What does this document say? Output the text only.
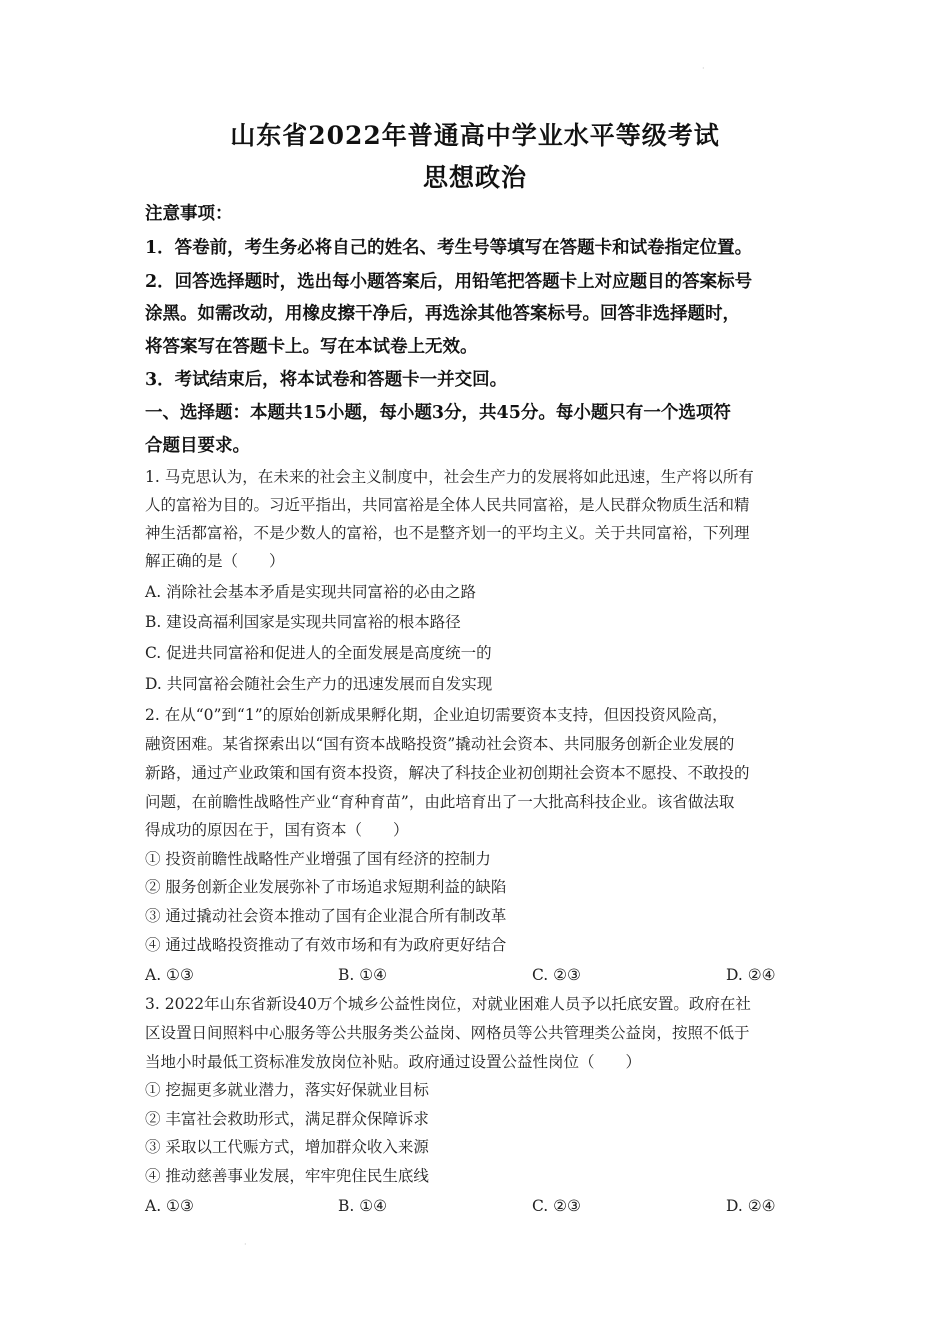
·
山东省2022年普通高中学业水平等级考试
思想政治
注意事项：
1．答卷前，考生务必将自己的姓名、考生号等填写在答题卡和试卷指定位置。
2．回答选择题时，选出每小题答案后，用铅笔把答题卡上对应题目的答案标号
涂黑。如需改动，用橡皮擦干净后，再选涂其他答案标号。回答非选择题时，
将答案写在答题卡上。写在本试卷上无效。
3．考试结束后，将本试卷和答题卡一并交回。
一、选择题：本题共15小题，每小题3分，共45分。每小题只有一个选项符
合题目要求。
1. 马克思认为，在未来的社会主义制度中，社会生产力的发展将如此迅速，生产将以所有
人的富裕为目的。习近平指出，共同富裕是全体人民共同富裕，是人民群众物质生活和精
神生活都富裕，不是少数人的富裕，也不是整齐划一的平均主义。关于共同富裕，下列理
解正确的是（　　）
A. 消除社会基本矛盾是实现共同富裕的必由之路
B. 建设高福利国家是实现共同富裕的根本路径
C. 促进共同富裕和促进人的全面发展是高度统一的
D. 共同富裕会随社会生产力的迅速发展而自发实现
2. 在从“0”到“1”的原始创新成果孵化期，企业迫切需要资本支持，但因投资风险高，
融资困难。某省探索出以“国有资本战略投资”撬动社会资本、共同服务创新企业发展的
新路，通过产业政策和国有资本投资，解决了科技企业初创期社会资本不愿投、不敢投的
问题，在前瞻性战略性产业“育种育苗”，由此培育出了一大批高科技企业。该省做法取
得成功的原因在于，国有资本（　　）
① 投资前瞻性战略性产业增强了国有经济的控制力
② 服务创新企业发展弥补了市场追求短期利益的缺陷
③ 通过撬动社会资本推动了国有企业混合所有制改革
④ 通过战略投资推动了有效市场和有为政府更好结合
A. ①③	B. ①④	C. ②③	D. ②④
3. 2022年山东省新设40万个城乡公益性岗位，对就业困难人员予以托底安置。政府在社
区设置日间照料中心服务等公共服务类公益岗、网格员等公共管理类公益岗，按照不低于
当地小时最低工资标准发放岗位补贴。政府通过设置公益性岗位（　　）
① 挖掘更多就业潜力，落实好保就业目标
② 丰富社会救助形式，满足群众保障诉求
③ 采取以工代赈方式，增加群众收入来源
④ 推动慈善事业发展，牢牢兜住民生底线
A. ①③	B. ①④	C. ②③	D. ②④
·
